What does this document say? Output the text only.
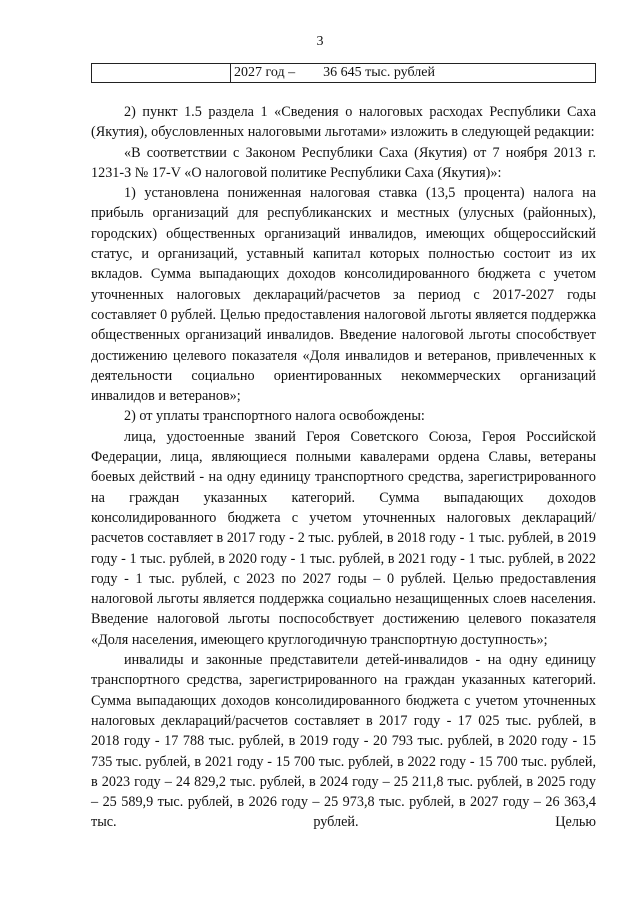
3
2027 год –        36 645 тыс. рублей

2) пункт 1.5 раздела 1 «Сведения о налоговых расходах Республики Саха (Якутия), обусловленных налоговыми льготами» изложить в следующей редакции:

«В соответствии с Законом Республики Саха (Якутия) от 7 ноября 2013 г. 1231-З № 17-V «О налоговой политике Республики Саха (Якутия)»:

1) установлена пониженная налоговая ставка (13,5 процента) налога на прибыль организаций для республиканских и местных (улусных (районных), городских) общественных организаций инвалидов, имеющих общероссийский статус, и организаций, уставный капитал которых полностью состоит из их вкладов. Сумма выпадающих доходов консолидированного бюджета с учетом уточненных налоговых деклараций/расчетов за период с 2017-2027 годы составляет 0 рублей. Целью предоставления налоговой льготы является поддержка общественных организаций инвалидов. Введение налоговой льготы способствует достижению целевого показателя «Доля инвалидов и ветеранов, привлеченных к деятельности социально ориентированных некоммерческих организаций инвалидов и ветеранов»;

2) от уплаты транспортного налога освобождены:

лица, удостоенные званий Героя Советского Союза, Героя Российской Федерации, лица, являющиеся полными кавалерами ордена Славы, ветераны боевых действий - на одну единицу транспортного средства, зарегистрированного на граждан указанных категорий. Сумма выпадающих доходов консолидированного бюджета с учетом уточненных налоговых деклараций/расчетов составляет в 2017 году - 2 тыс. рублей, в 2018 году - 1 тыс. рублей, в 2019 году - 1 тыс. рублей, в 2020 году - 1 тыс. рублей, в 2021 году - 1 тыс. рублей, в 2022 году - 1 тыс. рублей, с 2023 по 2027 годы – 0 рублей. Целью предоставления налоговой льготы является поддержка социально незащищенных слоев населения. Введение налоговой льготы поспособствует достижению целевого показателя «Доля населения, имеющего круглогодичную транспортную доступность»;

инвалиды и законные представители детей-инвалидов - на одну единицу транспортного средства, зарегистрированного на граждан указанных категорий. Сумма выпадающих доходов консолидированного бюджета с учетом уточненных налоговых деклараций/расчетов составляет в 2017 году - 17 025 тыс. рублей, в 2018 году - 17 788 тыс. рублей, в 2019 году - 20 793 тыс. рублей, в 2020 году - 15 735 тыс. рублей, в 2021 году - 15 700 тыс. рублей, в 2022 году - 15 700 тыс. рублей, в 2023 году – 24 829,2 тыс. рублей, в 2024 году – 25 211,8 тыс. рублей, в 2025 году – 25 589,9 тыс. рублей, в 2026 году – 25 973,8 тыс. рублей, в 2027 году – 26 363,4 тыс. рублей. Целью
